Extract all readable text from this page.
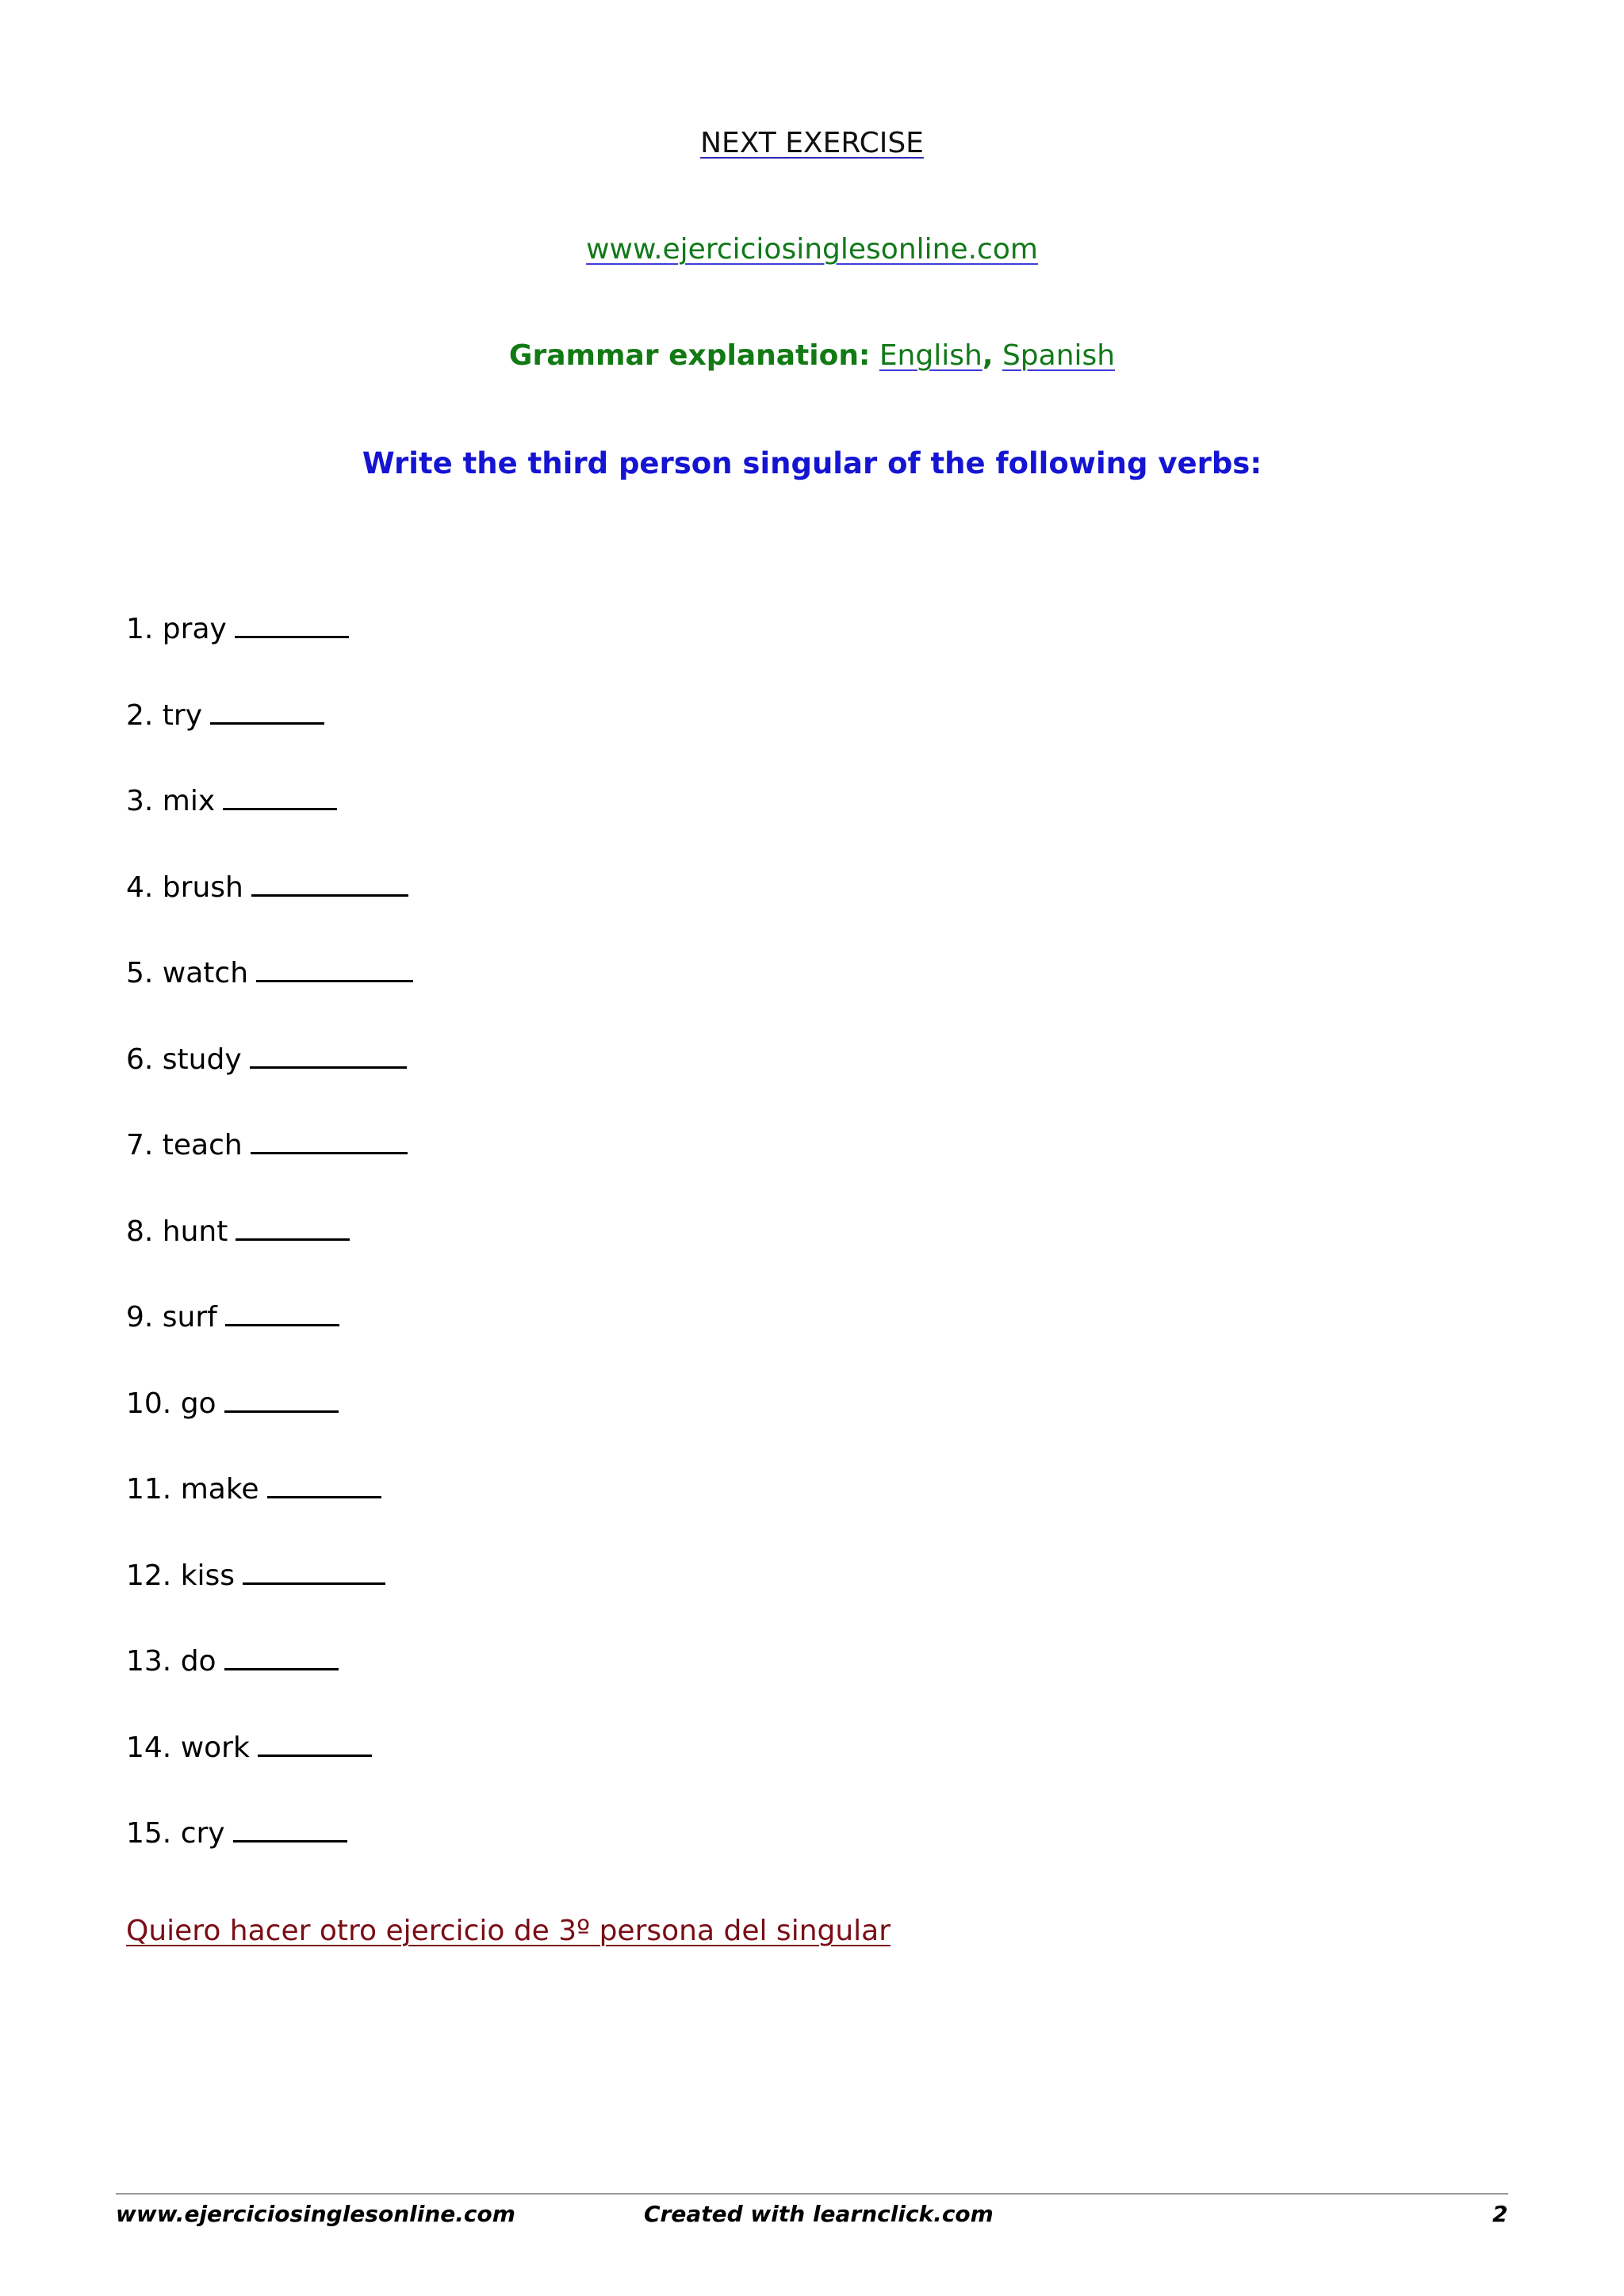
NEXT EXERCISE
www.ejerciciosinglesonline.com
Grammar explanation: English, Spanish
Write the third person singular of the following verbs:
1. pray
2. try
3. mix
4. brush
5. watch
6. study
7. teach
8. hunt
9. surf
10. go
11. make
12. kiss
13. do
14. work
15. cry
Quiero hacer otro ejercicio de 3º persona del singular
www.ejerciciosinglesonline.com	Created with learnclick.com	2
